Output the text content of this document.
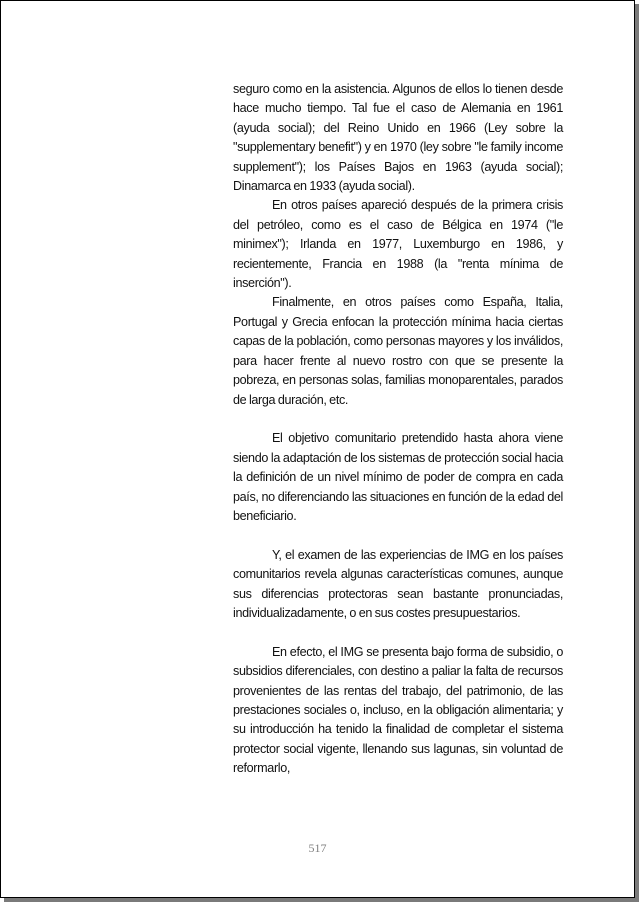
seguro como en la asistencia. Algunos de ellos lo tienen desde hace mucho tiempo. Tal fue el caso de Alemania en 1961 (ayuda social); del Reino Unido en 1966 (Ley sobre la "supplementary benefit") y en 1970 (ley sobre "le family income supplement"); los Países Bajos en 1963 (ayuda social); Dinamarca en 1933 (ayuda social).

En otros países apareció después de la primera crisis del petróleo, como es el caso de Bélgica en 1974 ("le minimex"); Irlanda en 1977, Luxemburgo en 1986, y recientemente, Francia en 1988 (la "renta mínima de inserción").

Finalmente, en otros países como España, Italia, Portugal y Grecia enfocan la protección mínima hacia ciertas capas de la población, como personas mayores y los inválidos, para hacer frente al nuevo rostro con que se presente la pobreza, en personas solas, familias monoparentales, parados de larga duración, etc.

El objetivo comunitario pretendido hasta ahora viene siendo la adaptación de los sistemas de protección social hacia la definición de un nivel mínimo de poder de compra en cada país, no diferenciando las situaciones en función de la edad del beneficiario.

Y, el examen de las experiencias de IMG en los países comunitarios revela algunas características comunes, aunque sus diferencias protectoras sean bastante pronunciadas, individualizadamente, o en sus costes presupuestarios.

En efecto, el IMG se presenta bajo forma de subsidio, o subsidios diferenciales, con destino a paliar la falta de recursos provenientes de las rentas del trabajo, del patrimonio, de las prestaciones sociales o, incluso, en la obligación alimentaria; y su introducción ha tenido la finalidad de completar el sistema protector social vigente, llenando sus lagunas, sin voluntad de reformarlo,

517
